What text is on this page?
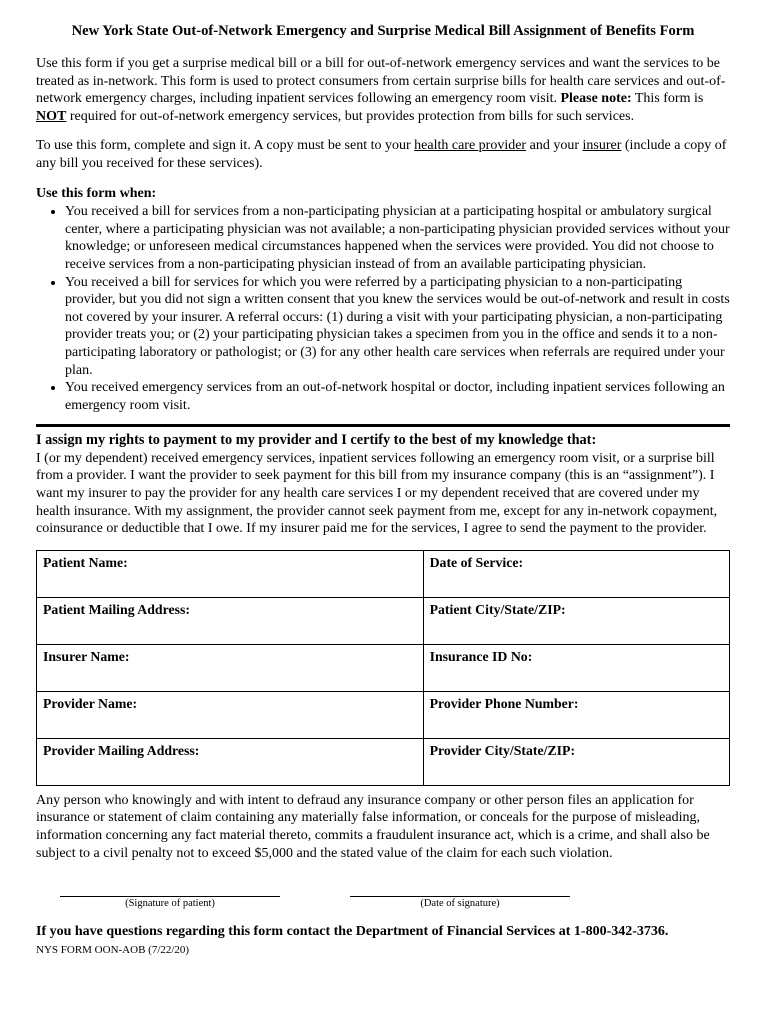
New York State Out-of-Network Emergency and Surprise Medical Bill Assignment of Benefits Form

Use this form if you get a surprise medical bill or a bill for out-of-network emergency services and want the services to be treated as in-network. This form is used to protect consumers from certain surprise bills for health care services and out-of-network emergency charges, including inpatient services following an emergency room visit. Please note: This form is NOT required for out-of-network emergency services, but provides protection from bills for such services.

To use this form, complete and sign it. A copy must be sent to your health care provider and your insurer (include a copy of any bill you received for these services).

Use this form when:

• You received a bill for services from a non-participating physician at a participating hospital or ambulatory surgical center, where a participating physician was not available; a non-participating physician provided services without your knowledge; or unforeseen medical circumstances happened when the services were provided. You did not choose to receive services from a non-participating physician instead of from an available participating physician.
• You received a bill for services for which you were referred by a participating physician to a non-participating provider, but you did not sign a written consent that you knew the services would be out-of-network and result in costs not covered by your insurer. A referral occurs: (1) during a visit with your participating physician, a non-participating provider treats you; or (2) your participating physician takes a specimen from you in the office and sends it to a non-participating laboratory or pathologist; or (3) for any other health care services when referrals are required under your plan.
• You received emergency services from an out-of-network hospital or doctor, including inpatient services following an emergency room visit.

I assign my rights to payment to my provider and I certify to the best of my knowledge that:

I (or my dependent) received emergency services, inpatient services following an emergency room visit, or a surprise bill from a provider. I want the provider to seek payment for this bill from my insurance company (this is an “assignment”). I want my insurer to pay the provider for any health care services I or my dependent received that are covered under my health insurance. With my assignment, the provider cannot seek payment from me, except for any in-network copayment, coinsurance or deductible that I owe. If my insurer paid me for the services, I agree to send the payment to the provider.

Patient Name:	Date of Service:
Patient Mailing Address:	Patient City/State/ZIP:
Insurer Name:	Insurance ID No:
Provider Name:	Provider Phone Number:
Provider Mailing Address:	Provider City/State/ZIP:

Any person who knowingly and with intent to defraud any insurance company or other person files an application for insurance or statement of claim containing any materially false information, or conceals for the purpose of misleading, information concerning any fact material thereto, commits a fraudulent insurance act, which is a crime, and shall also be subject to a civil penalty not to exceed $5,000 and the stated value of the claim for each such violation.

(Signature of patient)	(Date of signature)

If you have questions regarding this form contact the Department of Financial Services at 1-800-342-3736.

NYS FORM OON-AOB (7/22/20)
